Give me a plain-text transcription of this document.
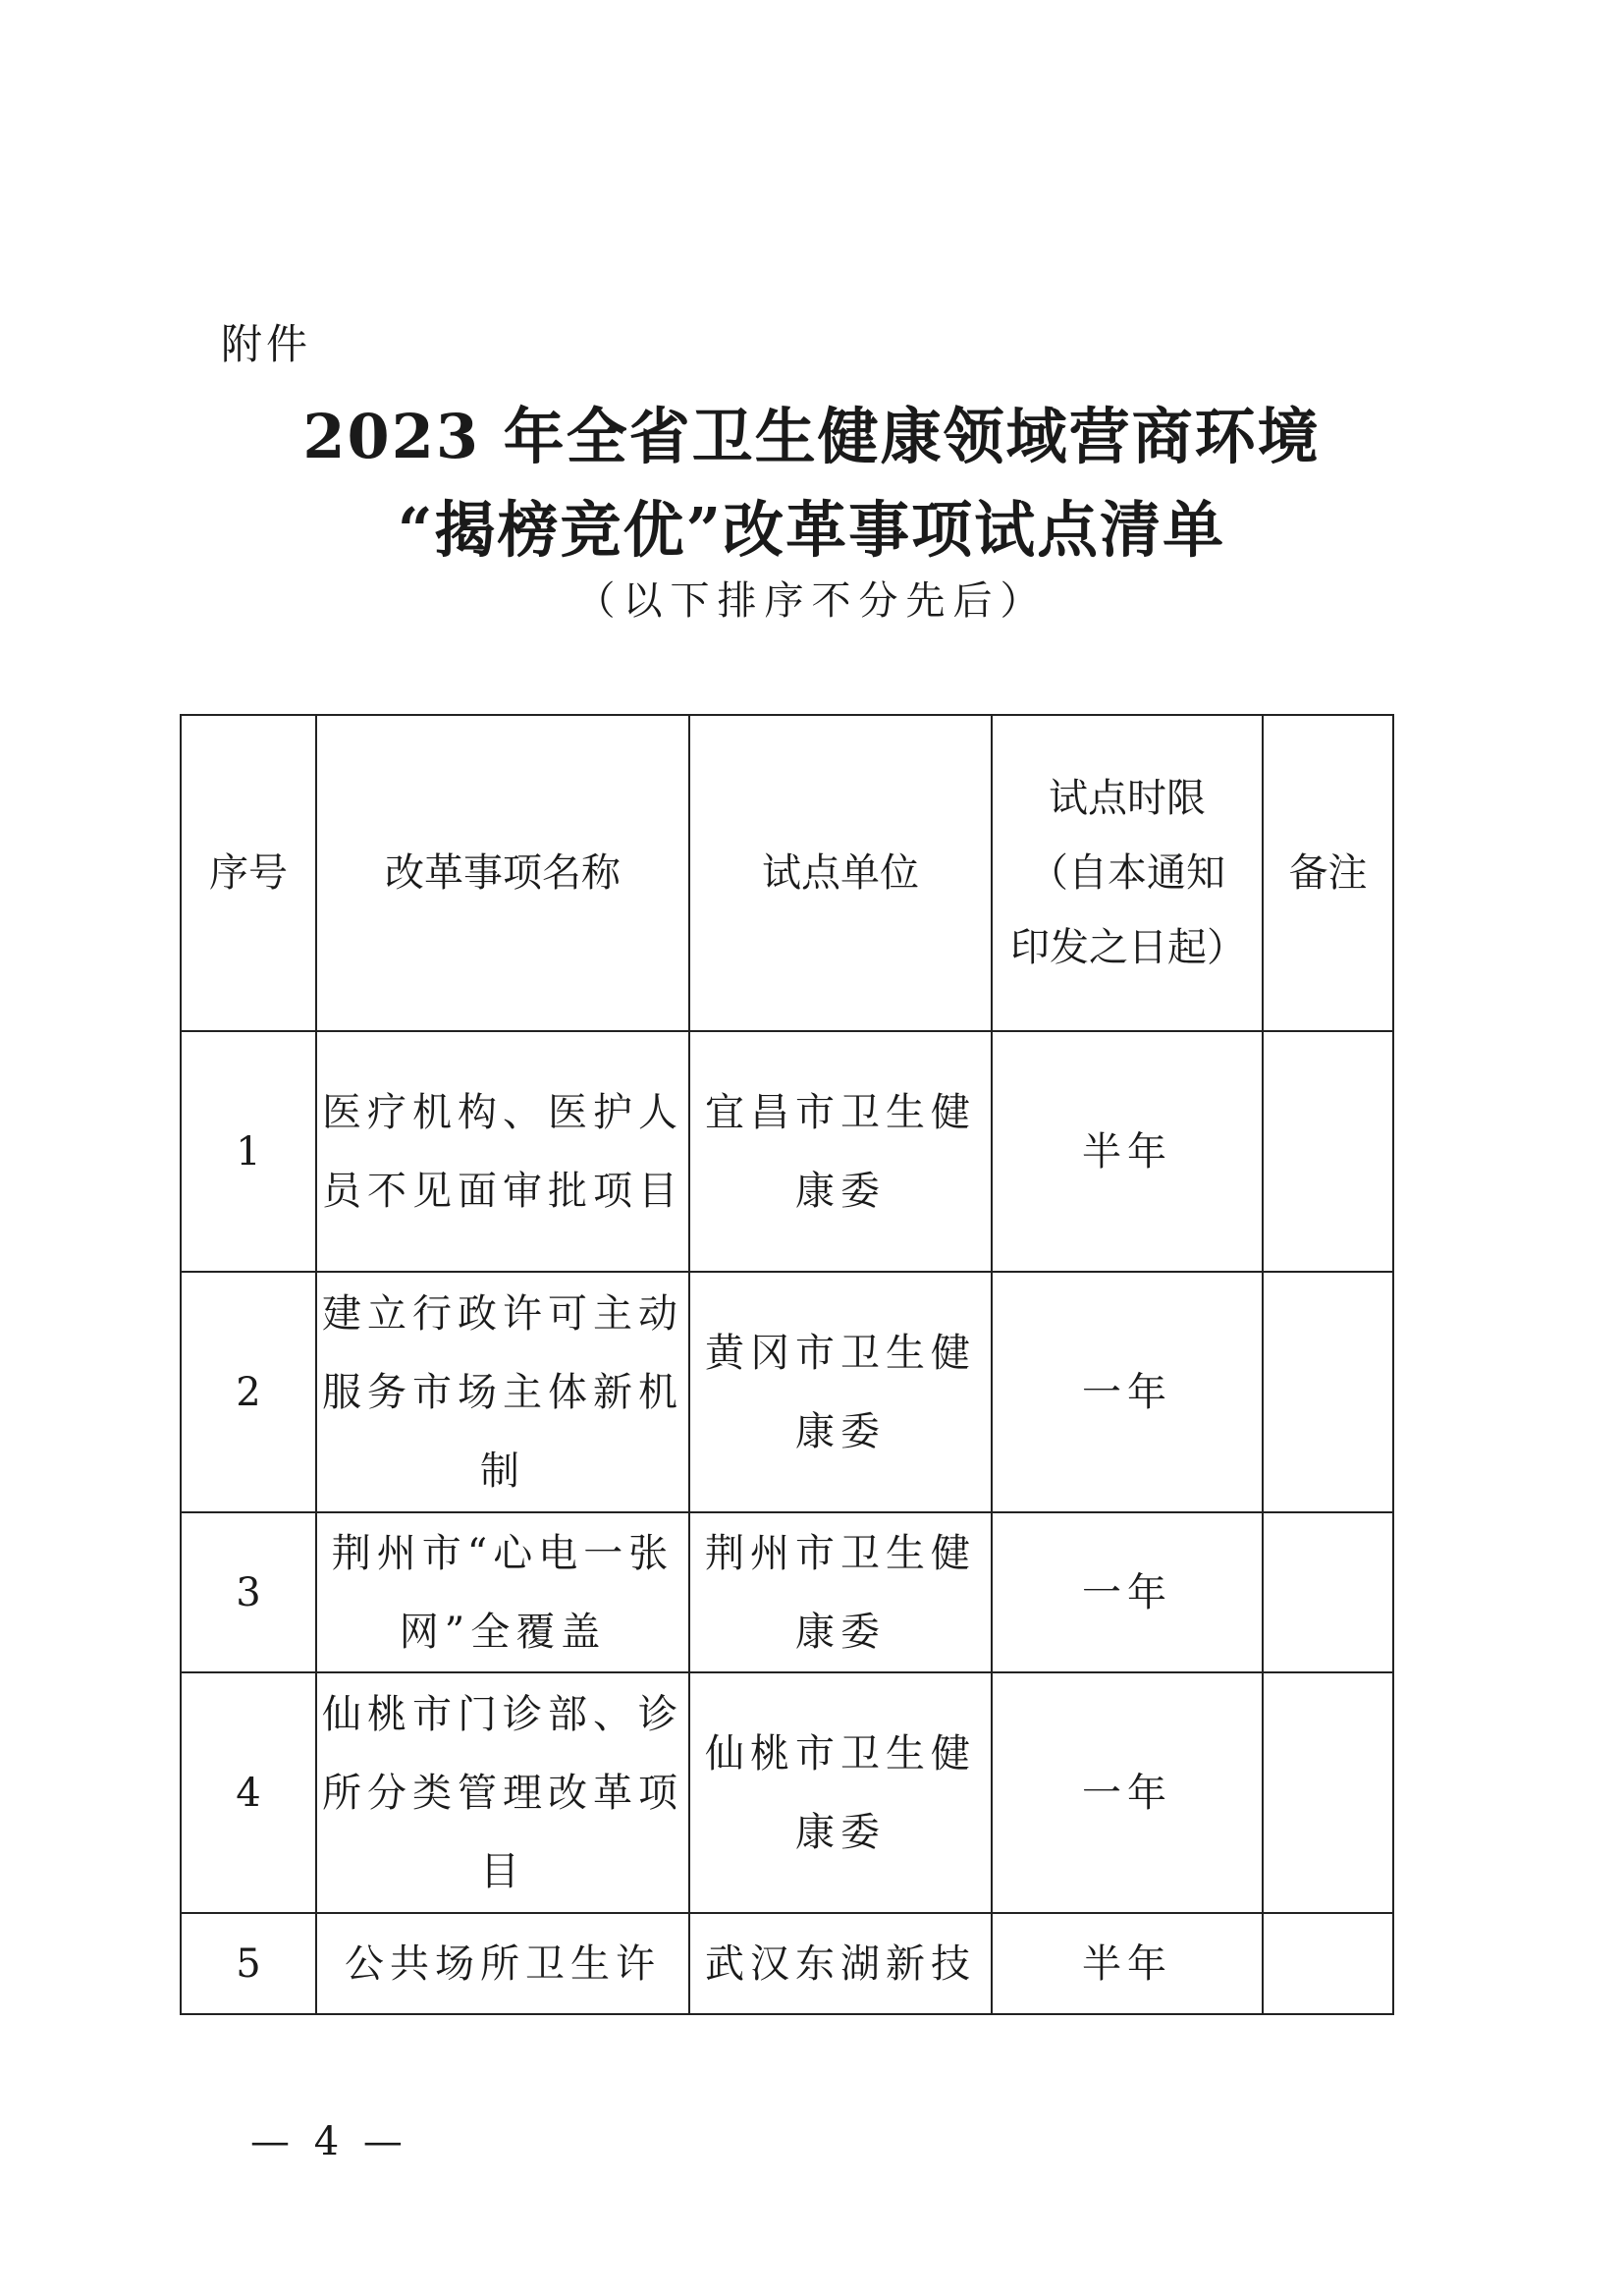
附件
2023 年全省卫生健康领域营商环境
“揭榜竞优”改革事项试点清单
（以下排序不分先后）
序号	改革事项名称	试点单位	试点时限（自本通知印发之日起）	备注
1	医疗机构、医护人员不见面审批项目	宜昌市卫生健康委	半年	
2	建立行政许可主动服务市场主体新机制	黄冈市卫生健康委	一年	
3	荆州市“心电一张网”全覆盖	荆州市卫生健康委	一年	
4	仙桃市门诊部、诊所分类管理改革项目	仙桃市卫生健康委	一年	
5	公共场所卫生许	武汉东湖新技	半年	
— 4 —
